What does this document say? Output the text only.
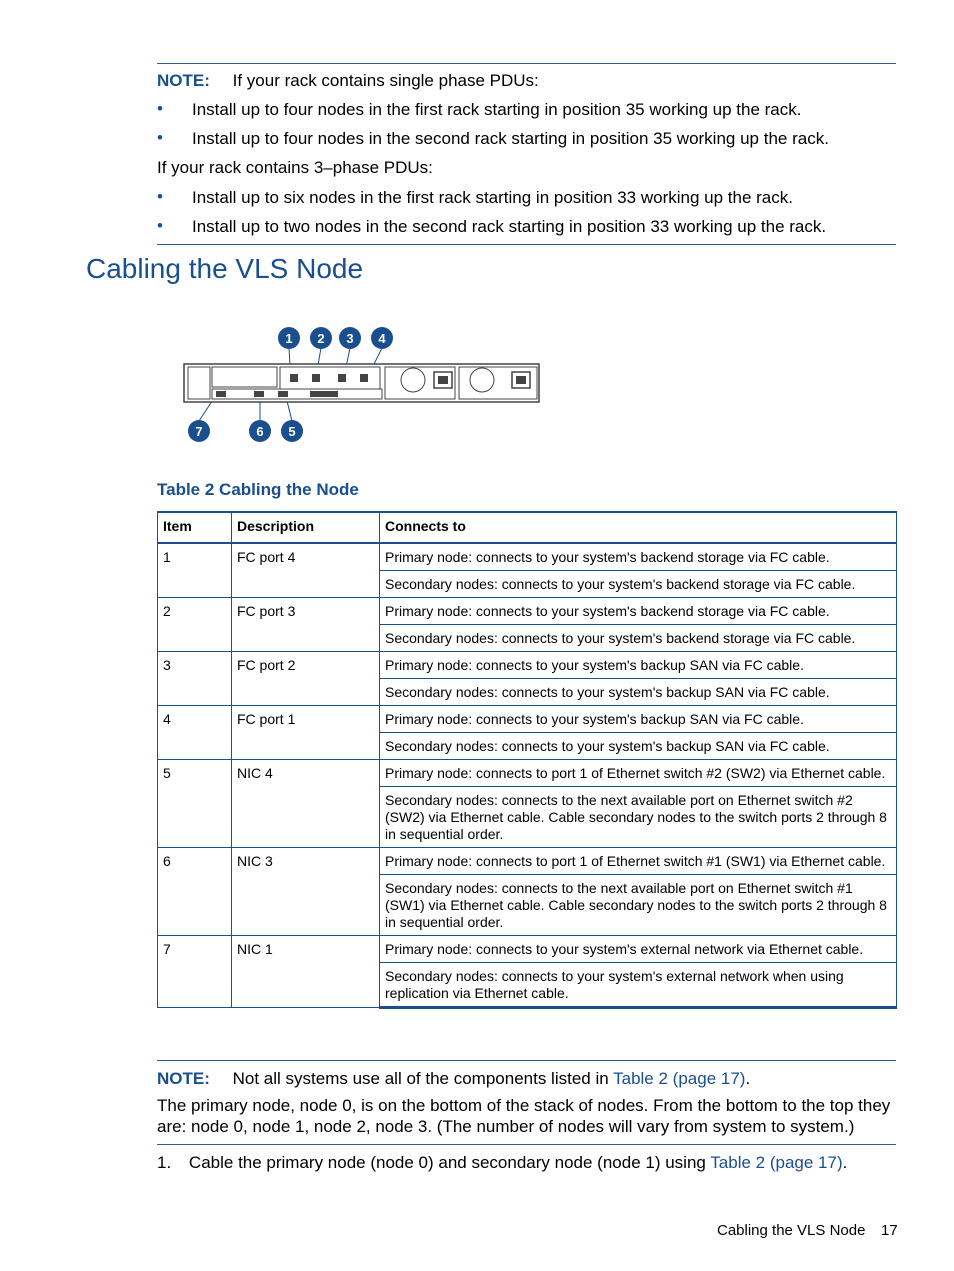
NOTE: If your rack contains single phase PDUs:
• Install up to four nodes in the first rack starting in position 35 working up the rack.
• Install up to four nodes in the second rack starting in position 35 working up the rack.
If your rack contains 3–phase PDUs:
• Install up to six nodes in the first rack starting in position 33 working up the rack.
• Install up to two nodes in the second rack starting in position 33 working up the rack.
Cabling the VLS Node
1 2 3 4
7	6 5
Table 2 Cabling the Node
Item	Description	Connects to
1	FC port 4	Primary node: connects to your system's backend storage via FC cable.
		Secondary nodes: connects to your system's backend storage via FC cable.
2	FC port 3	Primary node: connects to your system's backend storage via FC cable.
		Secondary nodes: connects to your system's backend storage via FC cable.
3	FC port 2	Primary node: connects to your system's backup SAN via FC cable.
		Secondary nodes: connects to your system's backup SAN via FC cable.
4	FC port 1	Primary node: connects to your system's backup SAN via FC cable.
		Secondary nodes: connects to your system's backup SAN via FC cable.
5	NIC 4	Primary node: connects to port 1 of Ethernet switch #2 (SW2) via Ethernet cable.
		Secondary nodes: connects to the next available port on Ethernet switch #2 (SW2) via Ethernet cable. Cable secondary nodes to the switch ports 2 through 8 in sequential order.
6	NIC 3	Primary node: connects to port 1 of Ethernet switch #1 (SW1) via Ethernet cable.
		Secondary nodes: connects to the next available port on Ethernet switch #1 (SW1) via Ethernet cable. Cable secondary nodes to the switch ports 2 through 8 in sequential order.
7	NIC 1	Primary node: connects to your system's external network via Ethernet cable.
		Secondary nodes: connects to your system's external network when using replication via Ethernet cable.
NOTE: Not all systems use all of the components listed in Table 2 (page 17).
The primary node, node 0, is on the bottom of the stack of nodes. From the bottom to the top they are: node 0, node 1, node 2, node 3. (The number of nodes will vary from system to system.)
1. Cable the primary node (node 0) and secondary node (node 1) using Table 2 (page 17).
Cabling the VLS Node 17
